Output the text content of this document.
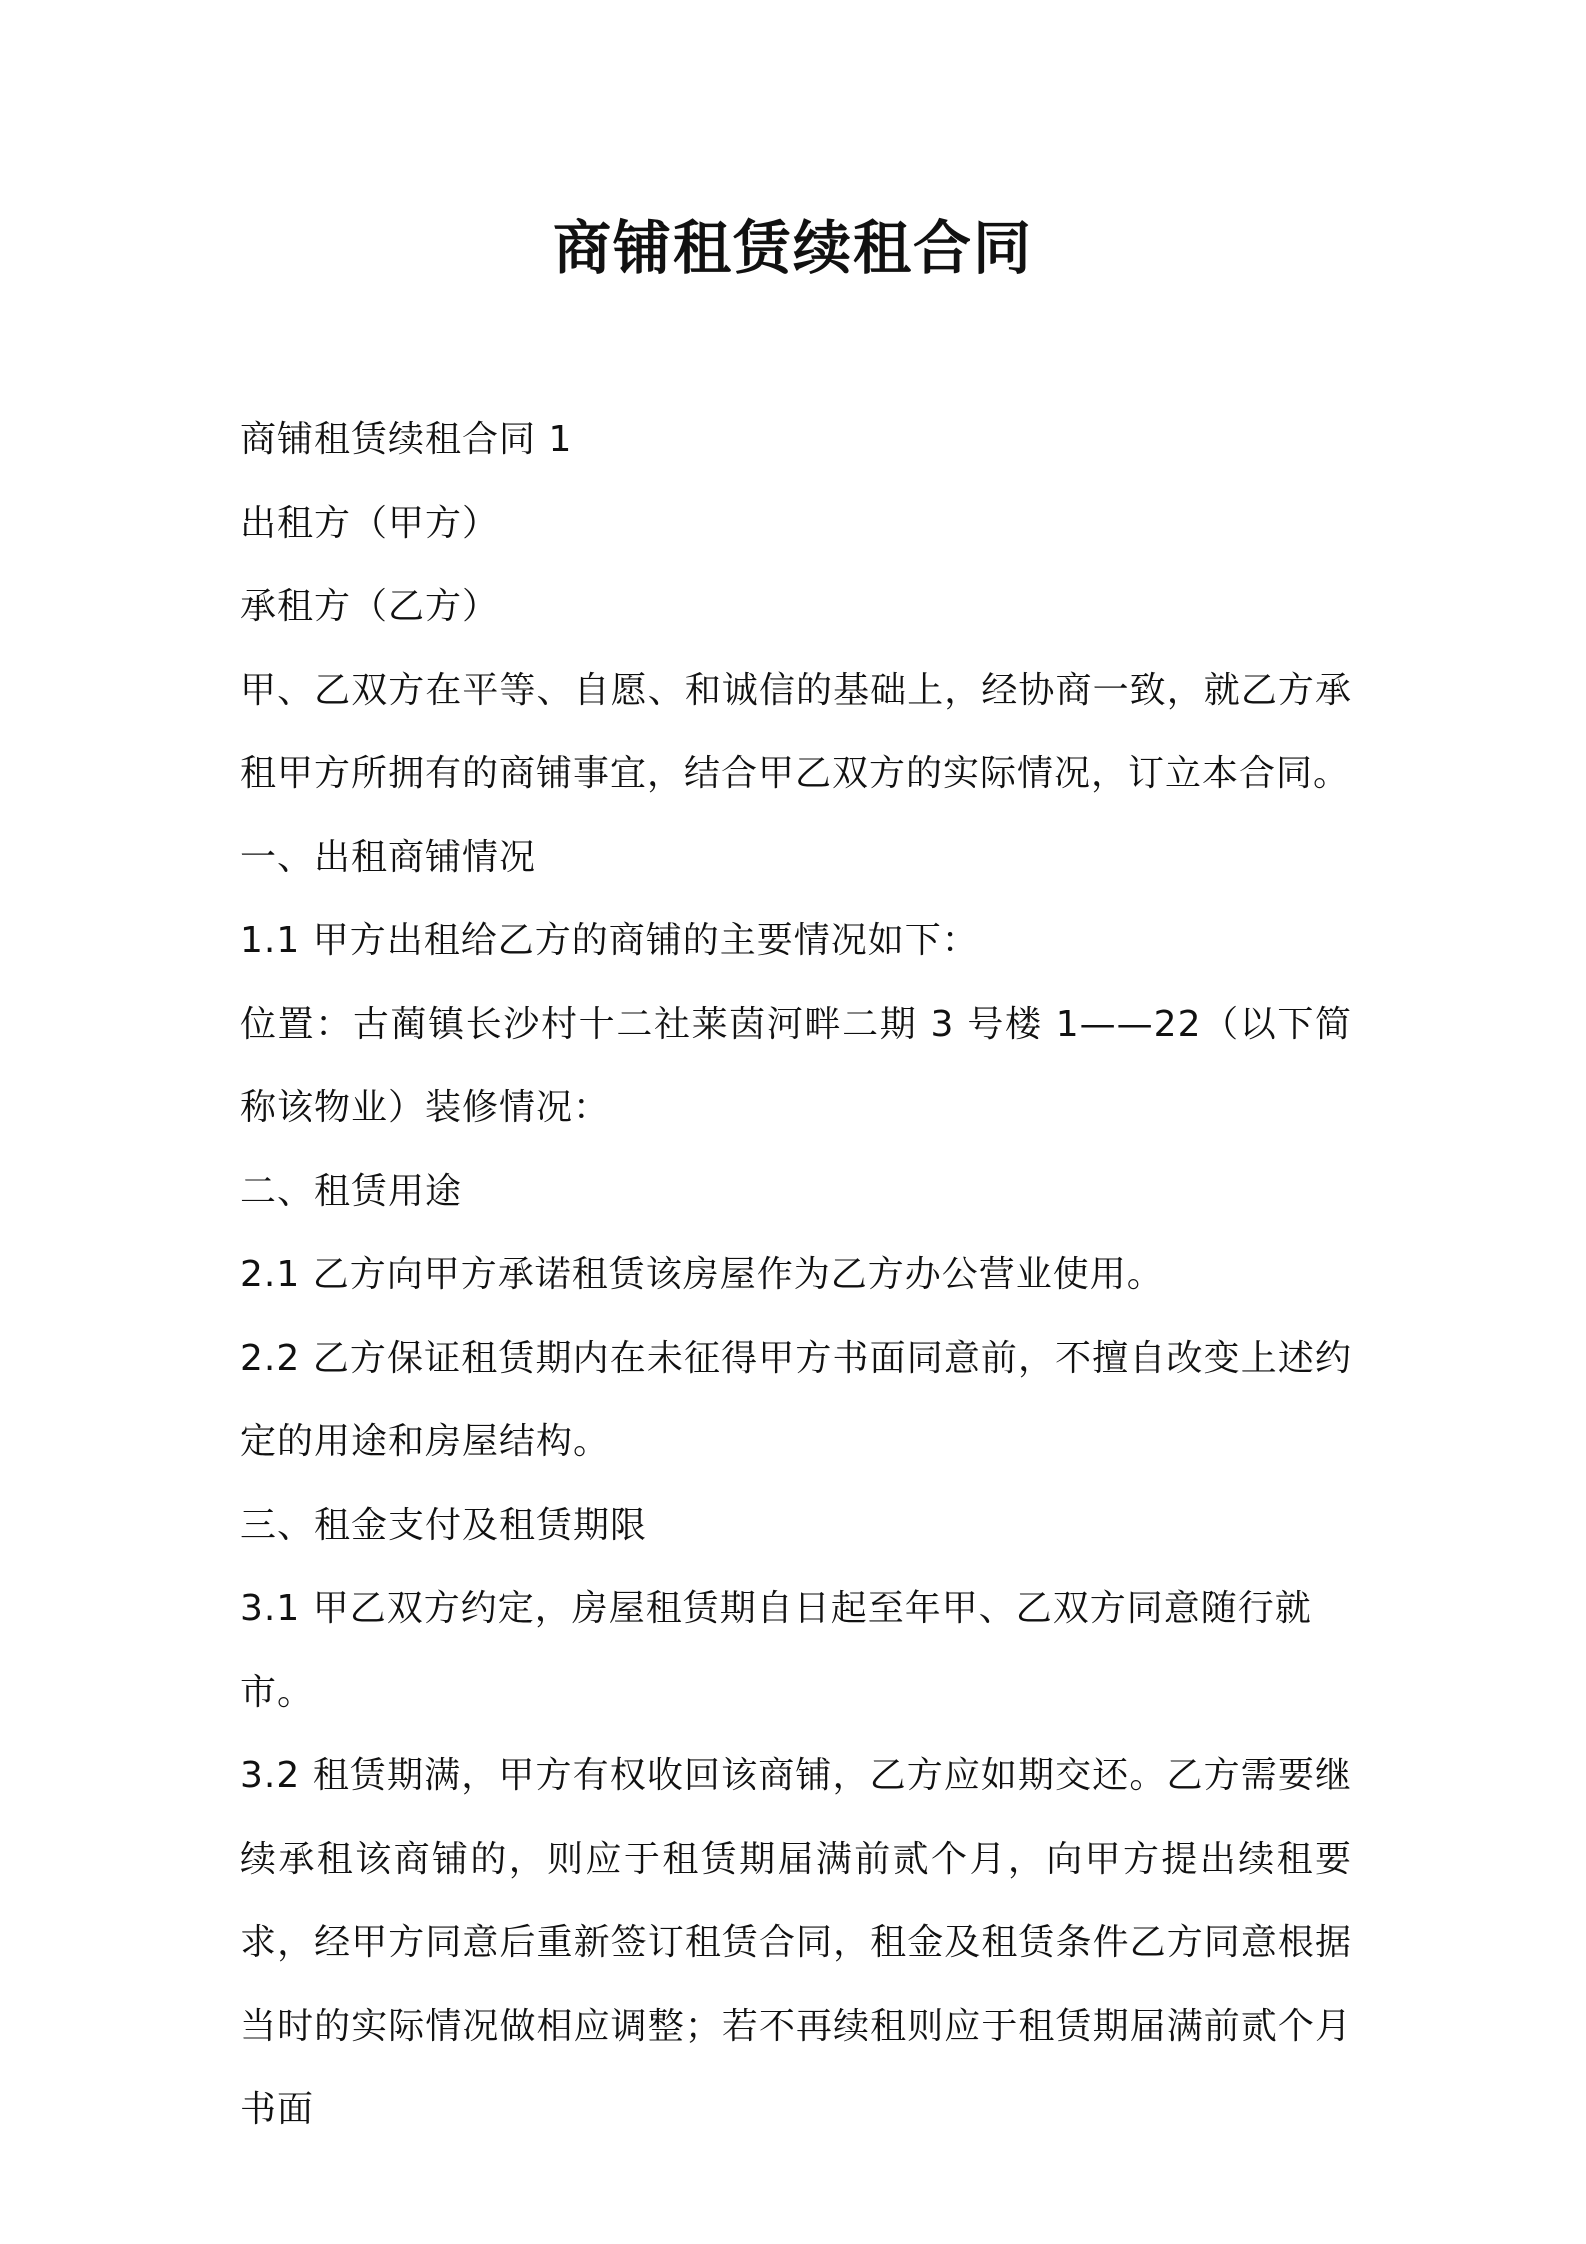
商铺租赁续租合同

商铺租赁续租合同 1

出租方（甲方）

承租方（乙方）

甲、乙双方在平等、自愿、和诚信的基础上，经协商一致，就乙方承租甲方所拥有的商铺事宜，结合甲乙双方的实际情况，订立本合同。

一、出租商铺情况

1.1 甲方出租给乙方的商铺的主要情况如下：

位置：古蔺镇长沙村十二社莱茵河畔二期 3 号楼 1——22（以下简称该物业）装修情况：

二、租赁用途

2.1 乙方向甲方承诺租赁该房屋作为乙方办公营业使用。

2.2 乙方保证租赁期内在未征得甲方书面同意前，不擅自改变上述约定的用途和房屋结构。

三、租金支付及租赁期限

3.1 甲乙双方约定，房屋租赁期自日起至年甲、乙双方同意随行就市。

3.2 租赁期满，甲方有权收回该商铺，乙方应如期交还。乙方需要继续承租该商铺的，则应于租赁期届满前贰个月，向甲方提出续租要求，经甲方同意后重新签订租赁合同，租金及租赁条件乙方同意根据当时的实际情况做相应调整；若不再续租则应于租赁期届满前贰个月书面
